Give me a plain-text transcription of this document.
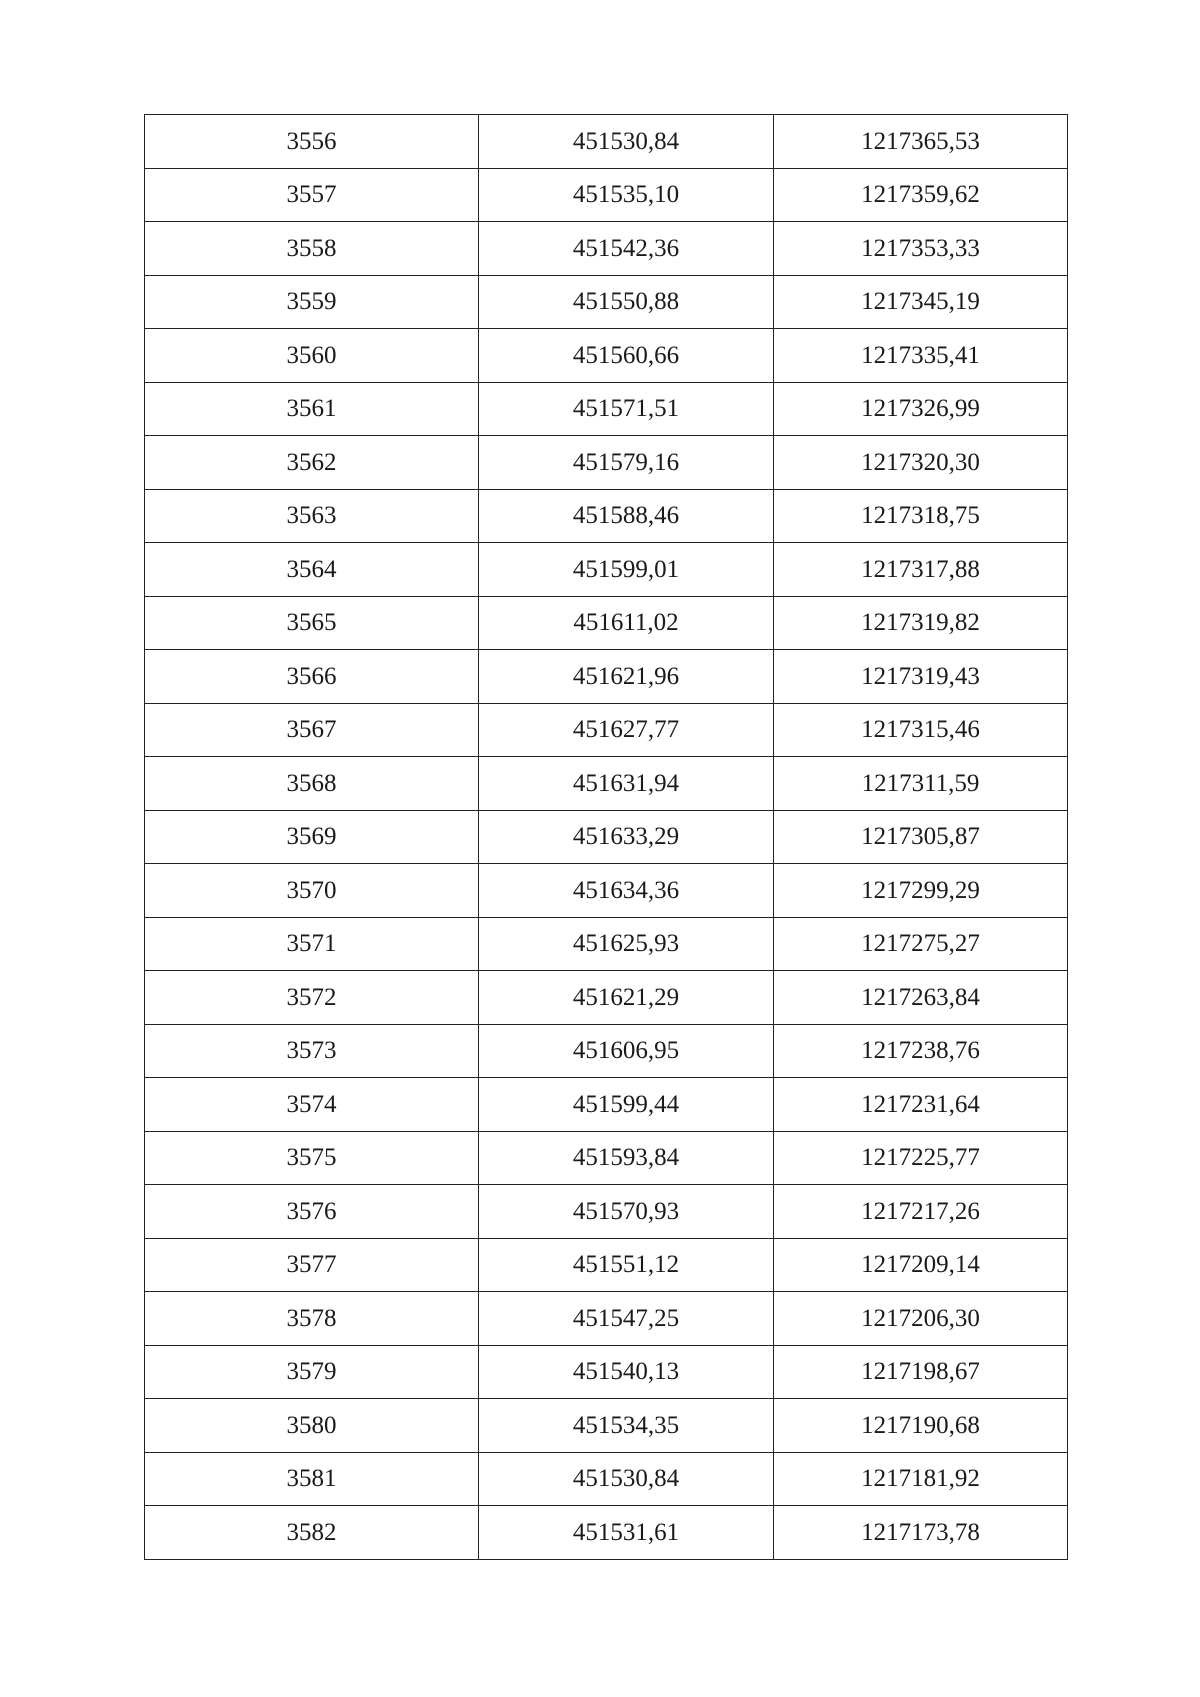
3556	451530,84	1217365,53
3557	451535,10	1217359,62
3558	451542,36	1217353,33
3559	451550,88	1217345,19
3560	451560,66	1217335,41
3561	451571,51	1217326,99
3562	451579,16	1217320,30
3563	451588,46	1217318,75
3564	451599,01	1217317,88
3565	451611,02	1217319,82
3566	451621,96	1217319,43
3567	451627,77	1217315,46
3568	451631,94	1217311,59
3569	451633,29	1217305,87
3570	451634,36	1217299,29
3571	451625,93	1217275,27
3572	451621,29	1217263,84
3573	451606,95	1217238,76
3574	451599,44	1217231,64
3575	451593,84	1217225,77
3576	451570,93	1217217,26
3577	451551,12	1217209,14
3578	451547,25	1217206,30
3579	451540,13	1217198,67
3580	451534,35	1217190,68
3581	451530,84	1217181,92
3582	451531,61	1217173,78
